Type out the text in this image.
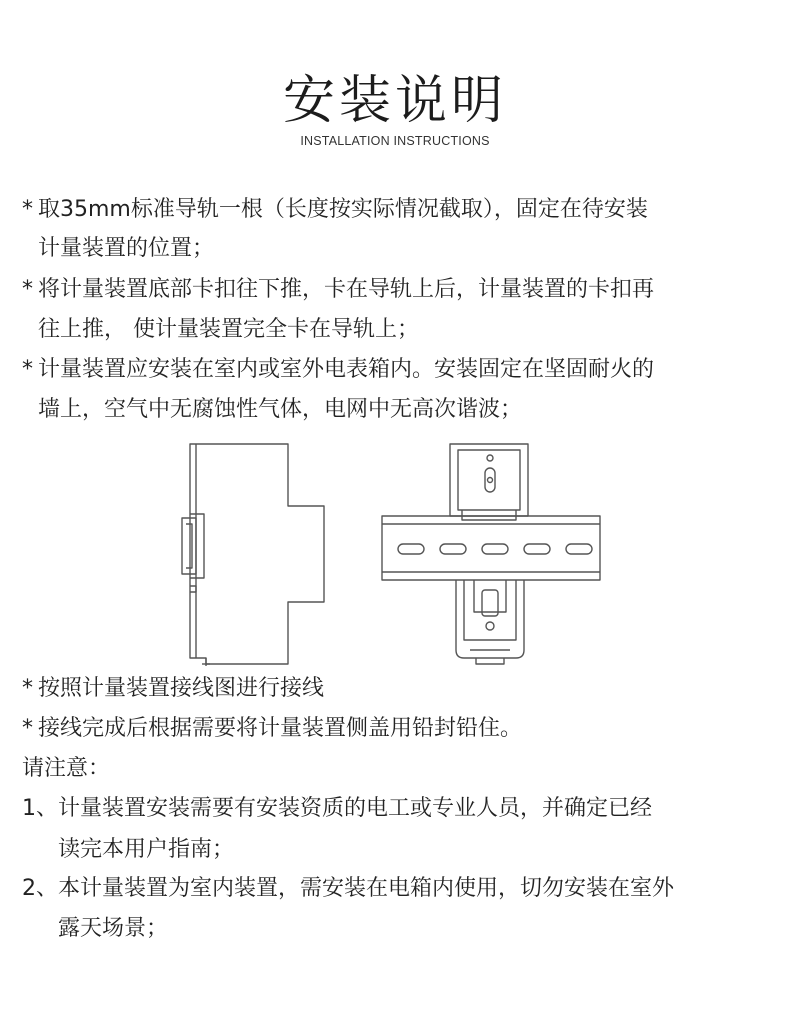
安装说明
INSTALLATION INSTRUCTIONS
* 取35mm标准导轨一根（长度按实际情况截取），固定在待安装
计量装置的位置；
* 将计量装置底部卡扣往下推，卡在导轨上后，计量装置的卡扣再
往上推， 使计量装置完全卡在导轨上；
* 计量装置应安装在室内或室外电表箱内。安装固定在坚固耐火的
墙上，空气中无腐蚀性气体，电网中无高次谐波；
* 按照计量装置接线图进行接线
* 接线完成后根据需要将计量装置侧盖用铅封铅住。
请注意：
1、计量装置安装需要有安装资质的电工或专业人员，并确定已经
读完本用户指南；
2、本计量装置为室内装置，需安装在电箱内使用，切勿安装在室外
露天场景；
